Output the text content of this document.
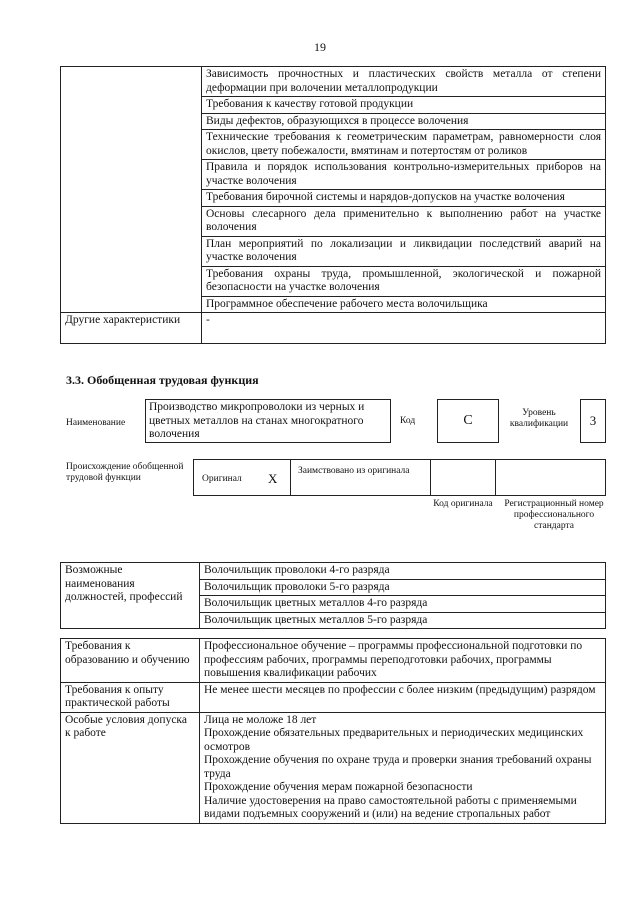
19
	Зависимость прочностных и пластических свойств металла от степени деформации при волочении металлопродукции
	Требования к качеству готовой продукции
	Виды дефектов, образующихся в процессе волочения
	Технические требования к геометрическим параметрам, равномерности слоя окислов, цвету побежалости, вмятинам и потертостям от роликов
	Правила и порядок использования контрольно-измерительных приборов на участке волочения
	Требования бирочной системы и нарядов-допусков на участке волочения
	Основы слесарного дела применительно к выполнению работ на участке волочения
	План мероприятий по локализации и ликвидации последствий аварий на участке волочения
	Требования охраны труда, промышленной, экологической и пожарной безопасности на участке волочения
	Программное обеспечение рабочего места волочильщика
Другие характеристики	-
3.3. Обобщенная трудовая функция
Наименование
Производство микропроволоки из черных и цветных металлов на станах многократного волочения
Код	C	Уровень квалификации	3
Происхождение обобщенной трудовой функции	Оригинал X Заимствовано из оригинала
Код оригинала Регистрационный номер профессионального стандарта
Возможные наименования должностей, профессий	Волочильщик проволоки 4-го разряда
Волочильщик проволоки 5-го разряда
Волочильщик цветных металлов 4-го разряда
Волочильщик цветных металлов 5-го разряда
Требования к образованию и обучению	Профессиональное обучение – программы профессиональной подготовки по профессиям рабочих, программы переподготовки рабочих, программы повышения квалификации рабочих
Требования к опыту практической работы	Не менее шести месяцев по профессии с более низким (предыдущим) разрядом
Особые условия допуска к работе	Лица не моложе 18 лет
Прохождение обязательных предварительных и периодических медицинских осмотров
Прохождение обучения по охране труда и проверки знания требований охраны труда
Прохождение обучения мерам пожарной безопасности
Наличие удостоверения на право самостоятельной работы с применяемыми видами подъемных сооружений и (или) на ведение стропальных работ
